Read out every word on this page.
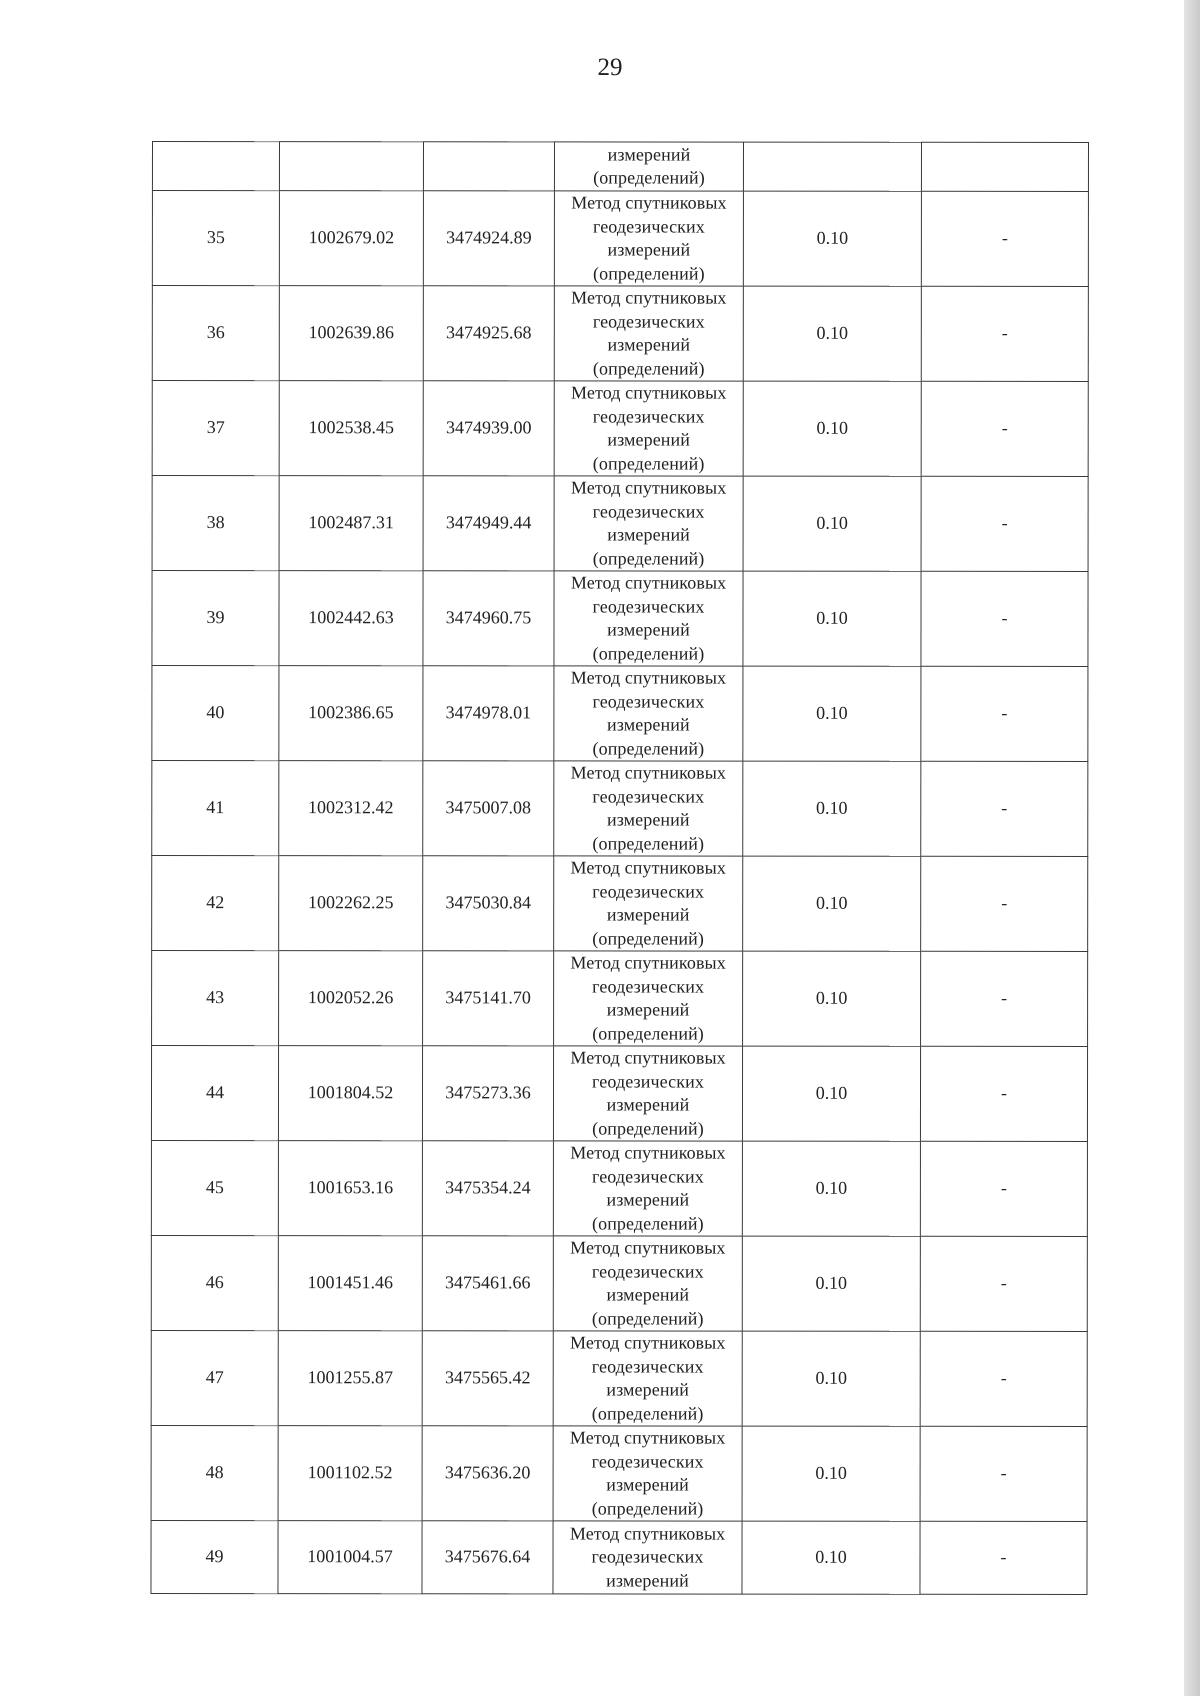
29

			измерений
(определений)		

35	1002679.02	3474924.89	Метод спутниковых
геодезических
измерений
(определений)	0.10	-
36	1002639.86	3474925.68	Метод спутниковых
геодезических
измерений
(определений)	0.10	-
37	1002538.45	3474939.00	Метод спутниковых
геодезических
измерений
(определений)	0.10	-
38	1002487.31	3474949.44	Метод спутниковых
геодезических
измерений
(определений)	0.10	-
39	1002442.63	3474960.75	Метод спутниковых
геодезических
измерений
(определений)	0.10	-
40	1002386.65	3474978.01	Метод спутниковых
геодезических
измерений
(определений)	0.10	-
41	1002312.42	3475007.08	Метод спутниковых
геодезических
измерений
(определений)	0.10	-
42	1002262.25	3475030.84	Метод спутниковых
геодезических
измерений
(определений)	0.10	-
43	1002052.26	3475141.70	Метод спутниковых
геодезических
измерений
(определений)	0.10	-
44	1001804.52	3475273.36	Метод спутниковых
геодезических
измерений
(определений)	0.10	-
45	1001653.16	3475354.24	Метод спутниковых
геодезических
измерений
(определений)	0.10	-
46	1001451.46	3475461.66	Метод спутниковых
геодезических
измерений
(определений)	0.10	-
47	1001255.87	3475565.42	Метод спутниковых
геодезических
измерений
(определений)	0.10	-
48	1001102.52	3475636.20	Метод спутниковых
геодезических
измерений
(определений)	0.10	-
49	1001004.57	3475676.64	Метод спутниковых
геодезических
измерений	0.10	-
